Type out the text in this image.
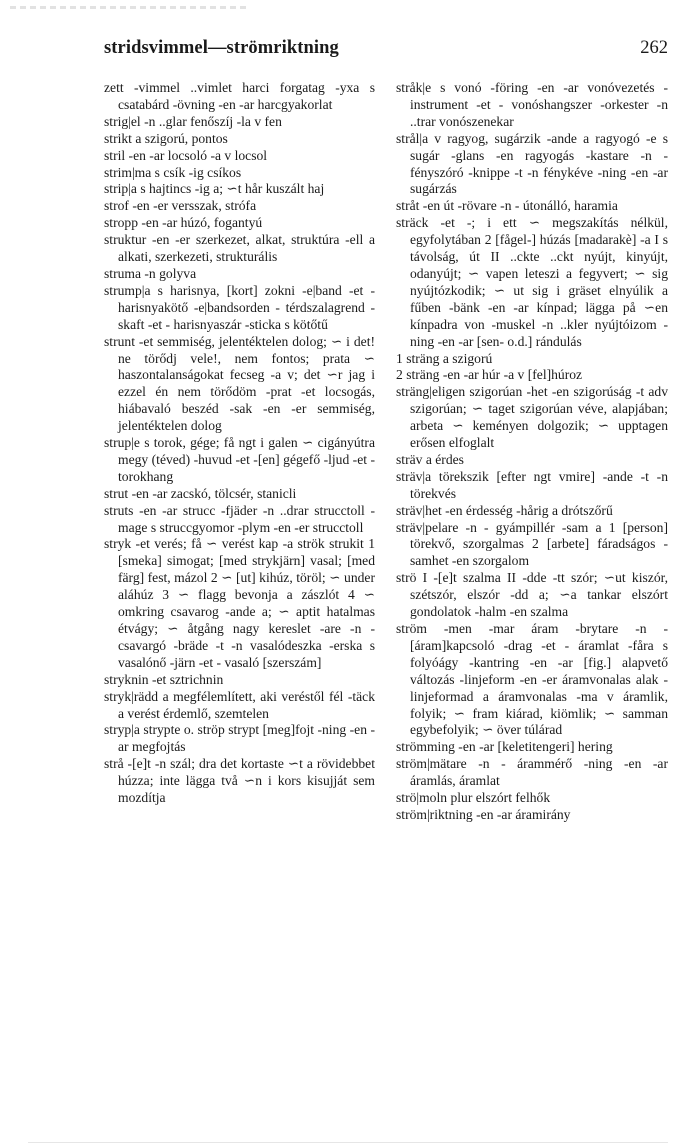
stridsvimmel—strömriktning	262

zett -vimmel ..vimlet harci forgatag -yxa s csatabárd -övning -en -ar harcgyakorlat

strig|el -n ..glar fenőszíj -la v fen

strikt a szigorú, pontos

stril -en -ar locsoló -a v locsol

strim|ma s csík -ig csíkos

strip|a s hajtincs -ig a; ∽t hår kuszált haj

strof -en -er versszak, strófa

stropp -en -ar húzó, fogantyú

struktur -en -er szerkezet, alkat, struktúra -ell a alkati, szerkezeti, strukturális

struma -n golyva

strump|a s harisnya, [kort] zokni -e|band -et - harisnyakötő -e|bandsorden - térdszalagrend -skaft -et - harisnyaszár -sticka s kötőtű

strunt -et semmiség, jelentéktelen dolog; ∽ i det! ne törődj vele!, nem fontos; prata ∽ haszontalanságokat fecseg -a v; det ∽r jag i ezzel én nem törődöm -prat -et locsogás, hiábavaló beszéd -sak -en -er semmiség, jelentéktelen dolog

strup|e s torok, gége; få ngt i galen ∽ cigányútra megy (téved) -huvud -et -[en] gégefő -ljud -et - torokhang

strut -en -ar zacskó, tölcsér, stanicli

struts -en -ar strucc -fjäder -n ..drar strucctoll -mage s struccgyomor -plym -en -er strucctoll

stryk -et verés; få ∽ verést kap -a strök strukit 1 [smeka] simogat; [med strykjärn] vasal; [med färg] fest, mázol 2 ∽ [ut] kihúz, töröl; ∽ under aláhúz 3 ∽ flagg bevonja a zászlót 4 ∽ omkring csavarog -ande a; ∽ aptit hatalmas étvágy; ∽ åtgång nagy kereslet -are -n - csavargó -bräde -t -n vasalódeszka -erska s vasalónő -järn -et - vasaló [szerszám]

stryknin -et sztrichnin

stryk|rädd a megfélemlített, aki veréstől fél -täck a verést érdemlő, szemtelen

stryp|a strypte o. ströp strypt [meg]fojt -ning -en -ar megfojtás

strå -[e]t -n szál; dra det kortaste ∽t a rövidebbet húzza; inte lägga två ∽n i kors kisujját sem mozdítja

stråk|e s vonó -föring -en -ar vonóvezetés -instrument -et - vonóshangszer -orkester -n ..trar vonószenekar

strål|a v ragyog, sugárzik -ande a ragyogó -e s sugár -glans -en ragyogás -kastare -n - fényszóró -knippe -t -n fénykéve -ning -en -ar sugárzás

stråt -en út -rövare -n - útonálló, haramia

sträck -et -; i ett ∽ megszakítás nélkül, egyfolytában 2 [fågel-] húzás [madarakè] -a I s távolság, út II ..ckte ..ckt nyújt, kinyújt, odanyújt; ∽ vapen leteszi a fegyvert; ∽ sig nyújtózkodik; ∽ ut sig i gräset elnyúlik a fűben -bänk -en -ar kínpad; lägga på ∽en kínpadra von -muskel -n ..kler nyújtóizom -ning -en -ar [sen- o.d.] rándulás

1 sträng a szigorú

2 sträng -en -ar húr -a v [fel]húroz

sträng|eligen szigorúan -het -en szigorúság -t adv szigorúan; ∽ taget szigorúan véve, alapjában; arbeta ∽ keményen dolgozik; ∽ upptagen erősen elfoglalt

sträv a érdes

sträv|a törekszik [efter ngt vmire] -ande -t -n törekvés

sträv|het -en érdesség -hårig a drótszőrű

sträv|pelare -n - gyámpillér -sam a 1 [person] törekvő, szorgalmas 2 [arbete] fáradságos -samhet -en szorgalom

strö I -[e]t szalma II -dde -tt szór; ∽ut kiszór, szétszór, elszór -dd a; ∽a tankar elszórt gondolatok -halm -en szalma

ström -men -mar áram -brytare -n - [áram]kapcsoló -drag -et - áramlat -fåra s folyóágy -kantring -en -ar [fig.] alapvető változás -linjeform -en -er áramvonalas alak -linjeformad a áramvonalas -ma v áramlik, folyik; ∽ fram kiárad, kiömlik; ∽ samman egybefolyik; ∽ över túlárad

strömming -en -ar [keletitengeri] hering

ström|mätare -n - árammérő -ning -en -ar áramlás, áramlat

strö|moln plur elszórt felhők

ström|riktning -en -ar áramirány
